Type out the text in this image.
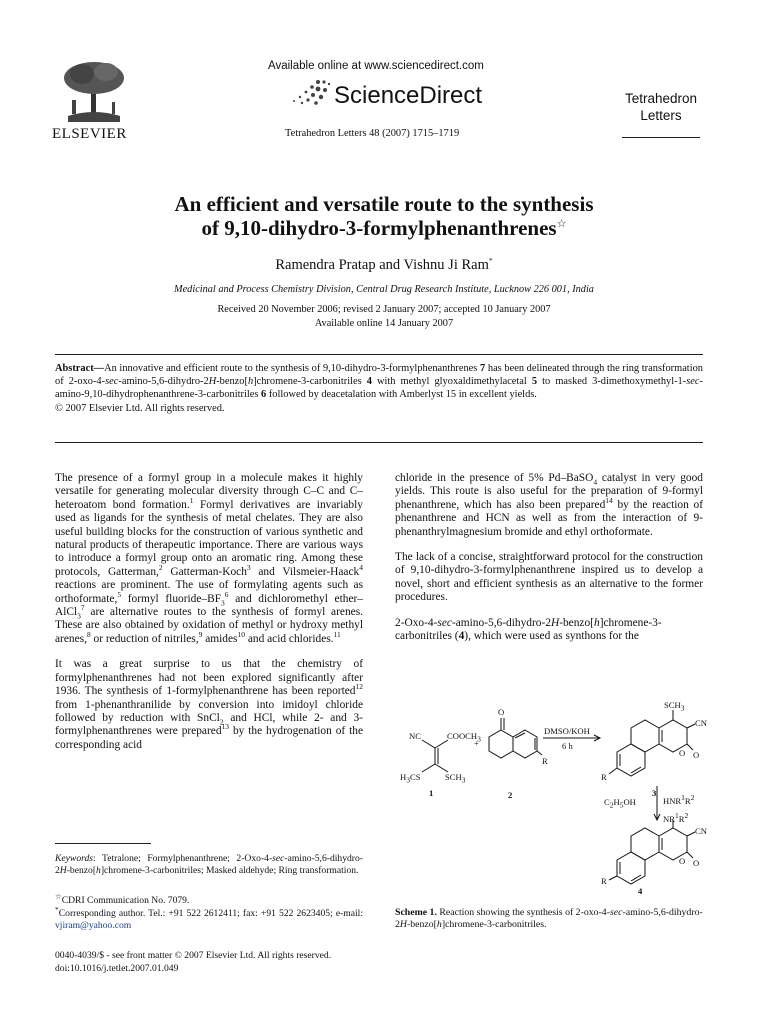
ELSEVIER
Available online at www.sciencedirect.com
ScienceDirect
Tetrahedron Letters 48 (2007) 1715–1719
Tetrahedron
Letters
An efficient and versatile route to the synthesis
of 9,10-dihydro-3-formylphenanthrenes☆
Ramendra Pratap and Vishnu Ji Ram*
Medicinal and Process Chemistry Division, Central Drug Research Institute, Lucknow 226 001, India
Received 20 November 2006; revised 2 January 2007; accepted 10 January 2007
Available online 14 January 2007
Abstract—An innovative and efficient route to the synthesis of 9,10-dihydro-3-formylphenanthrenes 7 has been delineated through the ring transformation of 2-oxo-4-sec-amino-5,6-dihydro-2H-benzo[h]chromene-3-carbonitriles 4 with methyl glyoxaldimethylacetal 5 to masked 3-dimethoxymethyl-1-sec-amino-9,10-dihydrophenanthrene-3-carbonitriles 6 followed by deacetalation with Amberlyst 15 in excellent yields.
© 2007 Elsevier Ltd. All rights reserved.

The presence of a formyl group in a molecule makes it highly versatile for generating molecular diversity through C–C and C–heteroatom bond formation.$^1$ Formyl derivatives are invariably used as ligands for the synthesis of metal chelates. They are also useful building blocks for the construction of various synthetic and natural products of therapeutic importance. There are various ways to introduce a formyl group onto an aromatic ring. Among these protocols, Gatterman,$^2$ Gatterman-Koch$^3$ and Vilsmeier-Haack$^4$ reactions are prominent. The use of formylating agents such as orthoformate,$^5$ formyl fluoride–$BF_3^6$ and dichloromethyl ether–AlCl$_3^7$ are alternative routes to the synthesis of formyl arenes. These are also obtained by oxidation of methyl or hydroxy methyl arenes,$^8$ or reduction of nitriles,$^9$ amides$^{10}$ and acid chlorides.$^{11}$

It was a great surprise to us that the chemistry of formylphenanthrenes had not been explored significantly after 1936. The synthesis of 1-formylphenanthrene has been reported$^{12}$ from 1-phenanthranilide by conversion into imidoyl chloride followed by reduction with SnCl$_2$ and HCl, while 2- and 3-formylphenanthrenes were prepared$^{13}$ by the hydrogenation of the corresponding acid

chloride in the presence of 5% Pd–BaSO$_4$ catalyst in very good yields. This route is also useful for the preparation of 9-formyl phenanthrene, which has also been prepared$^{14}$ by the reaction of phenanthrene and HCN as well as from the interaction of 9-phenanthrylmagnesium bromide and ethyl orthoformate.

The lack of a concise, straightforward protocol for the construction of 9,10-dihydro-3-formylphenanthrene inspired us to develop a novel, short and efficient synthesis as an alternative to the former procedures.

2-Oxo-4-sec-amino-5,6-dihydro-2H-benzo[h]chromene-3-carbonitriles (4), which were used as synthons for the

$SCH_3$
CN
NC	$COOCH_3$
O
+
DMSO/KOH
6 h
$H_3CS$	$SCH_3$
R
R
O O
1	2	3
$C_2H_5OH$	$HNR^1R^2$
$NR^1R^2$
CN
O O
R
4
Scheme 1. Reaction showing the synthesis of 2-oxo-4-sec-amino-5,6-dihydro-2H-benzo[h]chromene-3-carbonitriles.
Keywords: Tetralone; Formylphenanthrene; 2-Oxo-4-sec-amino-5,6-dihydro-2H-benzo[h]chromene-3-carbonitriles; Masked aldehyde; Ring transformation.
☆CDRI Communication No. 7079.
*Corresponding author. Tel.: +91 522 2612411; fax: +91 522 2623405; e-mail: vjiram@yahoo.com
0040-4039/$ - see front matter © 2007 Elsevier Ltd. All rights reserved.
doi:10.1016/j.tetlet.2007.01.049
